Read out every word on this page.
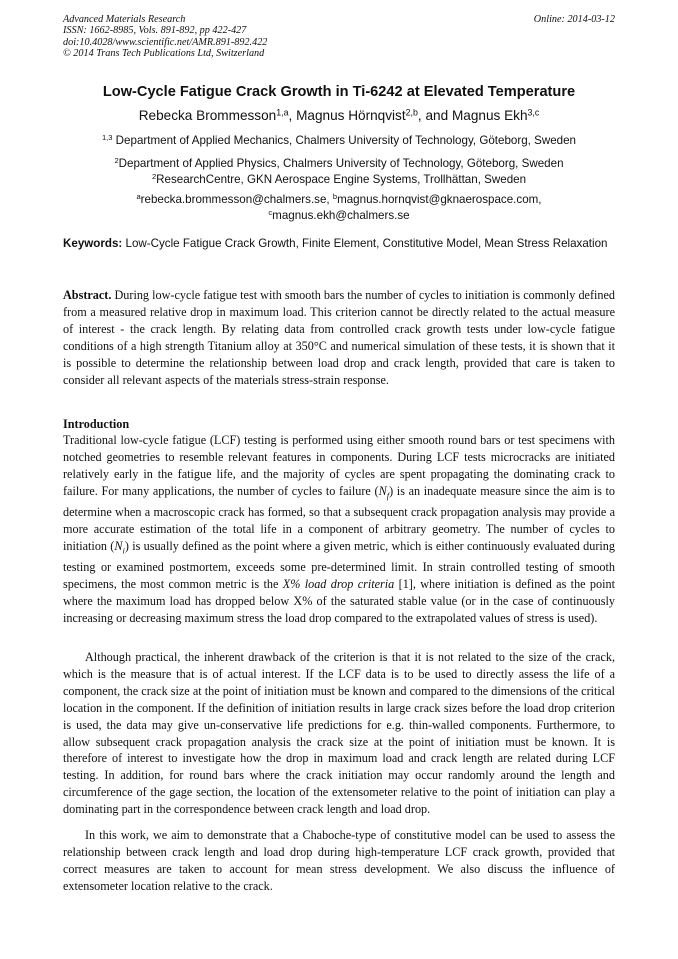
Advanced Materials Research
ISSN: 1662-8985, Vols. 891-892, pp 422-427
doi:10.4028/www.scientific.net/AMR.891-892.422
© 2014 Trans Tech Publications Ltd, Switzerland
Online: 2014-03-12
Low-Cycle Fatigue Crack Growth in Ti-6242 at Elevated Temperature
Rebecka Brommesson$^{1,a}$, Magnus Hörnqvist$^{2,b}$, and Magnus Ekh$^{3,c}$
$^{1,3}$ Department of Applied Mechanics, Chalmers University of Technology, Göteborg, Sweden
$^2$Department of Applied Physics, Chalmers University of Technology, Göteborg, Sweden
$^2$ResearchCentre, GKN Aerospace Engine Systems, Trollhättan, Sweden
$^a$rebecka.brommesson@chalmers.se, $^b$magnus.hornqvist@gknaerospace.com,
$^c$magnus.ekh@chalmers.se
Keywords: Low-Cycle Fatigue Crack Growth, Finite Element, Constitutive Model, Mean Stress Relaxation

Abstract. During low-cycle fatigue test with smooth bars the number of cycles to initiation is commonly defined from a measured relative drop in maximum load. This criterion cannot be directly related to the actual measure of interest - the crack length. By relating data from controlled crack growth tests under low-cycle fatigue conditions of a high strength Titanium alloy at 350°C and numerical simulation of these tests, it is shown that it is possible to determine the relationship between load drop and crack length, provided that care is taken to consider all relevant aspects of the materials stress-strain response.

Introduction

Traditional low-cycle fatigue (LCF) testing is performed using either smooth round bars or test specimens with notched geometries to resemble relevant features in components. During LCF tests microcracks are initiated relatively early in the fatigue life, and the majority of cycles are spent propagating the dominating crack to failure. For many applications, the number of cycles to failure $(N_f)$ is an inadequate measure since the aim is to determine when a macroscopic crack has formed, so that a subsequent crack propagation analysis may provide a more accurate estimation of the total life in a component of arbitrary geometry. The number of cycles to initiation $(N_i)$ is usually defined as the point where a given metric, which is either continuously evaluated during testing or examined postmortem, exceeds some pre-determined limit. In strain controlled testing of smooth specimens, the most common metric is the X% load drop criteria [1], where initiation is defined as the point where the maximum load has dropped below X% of the saturated stable value (or in the case of continuously increasing or decreasing maximum stress the load drop compared to the extrapolated values of stress is used).

Although practical, the inherent drawback of the criterion is that it is not related to the size of the crack, which is the measure that is of actual interest. If the LCF data is to be used to directly assess the life of a component, the crack size at the point of initiation must be known and compared to the dimensions of the critical location in the component. If the definition of initiation results in large crack sizes before the load drop criterion is used, the data may give un-conservative life predictions for e.g. thin-walled components. Furthermore, to allow subsequent crack propagation analysis the crack size at the point of initiation must be known. It is therefore of interest to investigate how the drop in maximum load and crack length are related during LCF testing. In addition, for round bars where the crack initiation may occur randomly around the length and circumference of the gage section, the location of the extensometer relative to the point of initiation can play a dominating part in the correspondence between crack length and load drop.

In this work, we aim to demonstrate that a Chaboche-type of constitutive model can be used to assess the relationship between crack length and load drop during high-temperature LCF crack growth, provided that correct measures are taken to account for mean stress development. We also discuss the influence of extensometer location relative to the crack.
